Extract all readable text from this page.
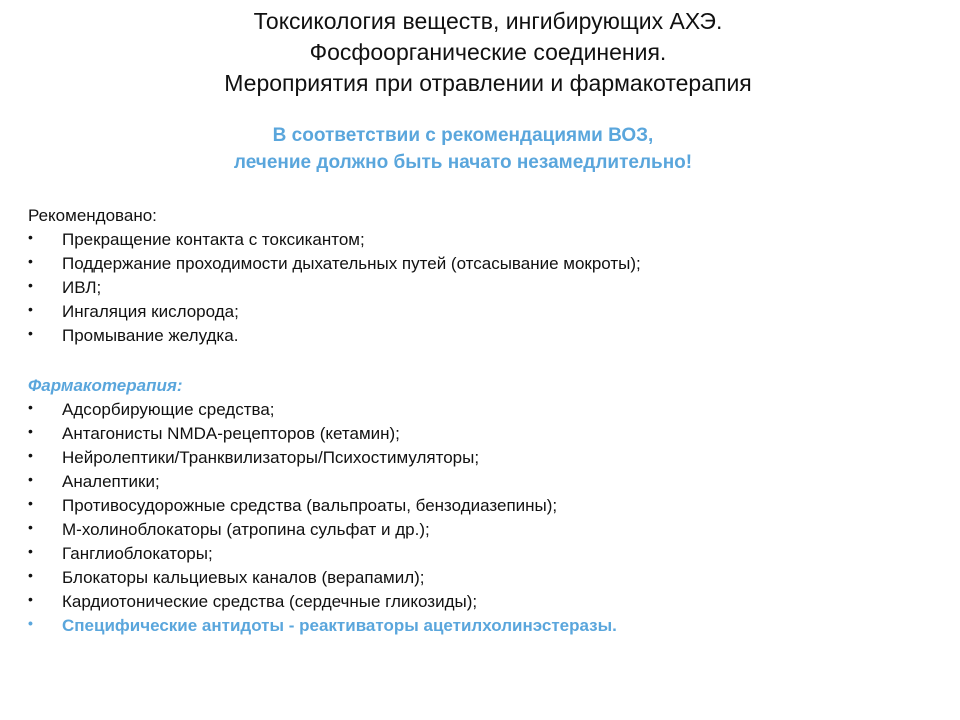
Токсикология веществ, ингибирующих АХЭ.
Фосфоорганические соединения.
Мероприятия при отравлении и фармакотерапия
В соответствии с рекомендациями ВОЗ,
лечение должно быть начато незамедлительно!
Рекомендовано:
• Прекращение контакта с токсикантом;
• Поддержание проходимости дыхательных путей (отсасывание мокроты);
• ИВЛ;
• Ингаляция кислорода;
• Промывание желудка.
Фармакотерапия:
• Адсорбирующие средства;
• Антагонисты NMDA-рецепторов (кетамин);
• Нейролептики/Транквилизаторы/Психостимуляторы;
• Аналептики;
• Противосудорожные средства (вальпроаты, бензодиазепины);
• М-холиноблокаторы (атропина сульфат и др.);
• Ганглиоблокаторы;
• Блокаторы кальциевых каналов (верапамил);
• Кардиотонические средства (сердечные гликозиды);
• Специфические антидоты - реактиваторы ацетилхолинэстеразы.
